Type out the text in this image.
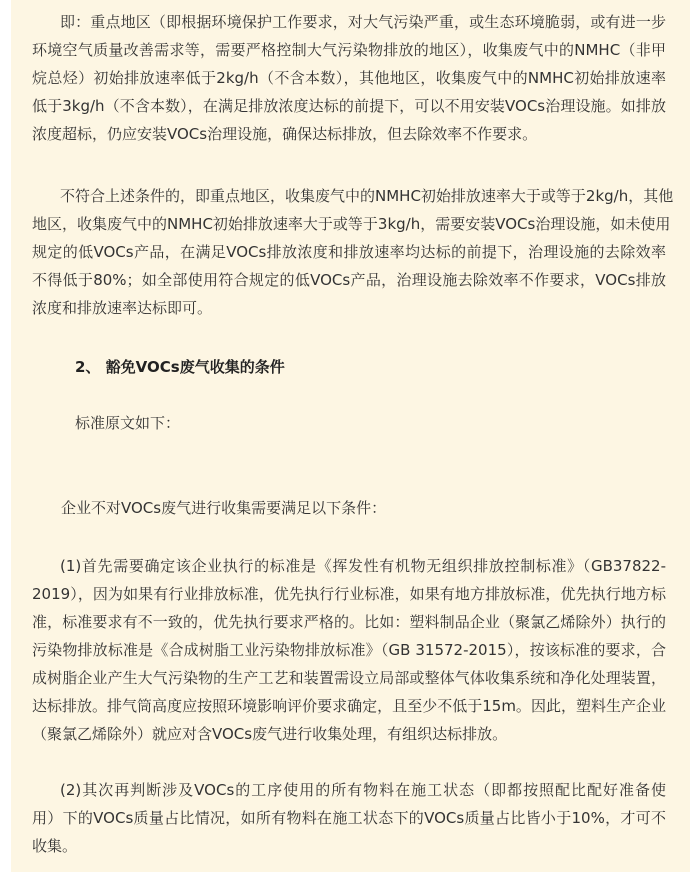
即：重点地区（即根据环境保护工作要求，对大气污染严重，或生态环境脆弱，或有进一步
环境空气质量改善需求等，需要严格控制大气污染物排放的地区），收集废气中的NMHC（非甲
烷总烃）初始排放速率低于2kg/h（不含本数），其他地区，收集废气中的NMHC初始排放速率
低于3kg/h（不含本数），在满足排放浓度达标的前提下，可以不用安装VOCs治理设施。如排放
浓度超标，仍应安装VOCs治理设施，确保达标排放，但去除效率不作要求。
不符合上述条件的，即重点地区，收集废气中的NMHC初始排放速率大于或等于2kg/h，其他
地区，收集废气中的NMHC初始排放速率大于或等于3kg/h，需要安装VOCs治理设施，如未使用
规定的低VOCs产品，在满足VOCs排放浓度和排放速率均达标的前提下，治理设施的去除效率
不得低于80%；如全部使用符合规定的低VOCs产品，治理设施去除效率不作要求，VOCs排放
浓度和排放速率达标即可。
2、 豁免VOCs废气收集的条件
标准原文如下：
企业不对VOCs废气进行收集需要满足以下条件：
(1)首先需要确定该企业执行的标准是《挥发性有机物无组织排放控制标准》（GB37822-
2019），因为如果有行业排放标准，优先执行行业标准，如果有地方排放标准，优先执行地方标
准，标准要求有不一致的，优先执行要求严格的。比如：塑料制品企业（聚氯乙烯除外）执行的
污染物排放标准是《合成树脂工业污染物排放标准》（GB 31572-2015），按该标准的要求，合
成树脂企业产生大气污染物的生产工艺和装置需设立局部或整体气体收集系统和净化处理装置，
达标排放。排气筒高度应按照环境影响评价要求确定，且至少不低于15m。因此，塑料生产企业
（聚氯乙烯除外）就应对含VOCs废气进行收集处理，有组织达标排放。
(2)其次再判断涉及VOCs的工序使用的所有物料在施工状态（即都按照配比配好准备使
用）下的VOCs质量占比情况，如所有物料在施工状态下的VOCs质量占比皆小于10%，才可不
收集。
